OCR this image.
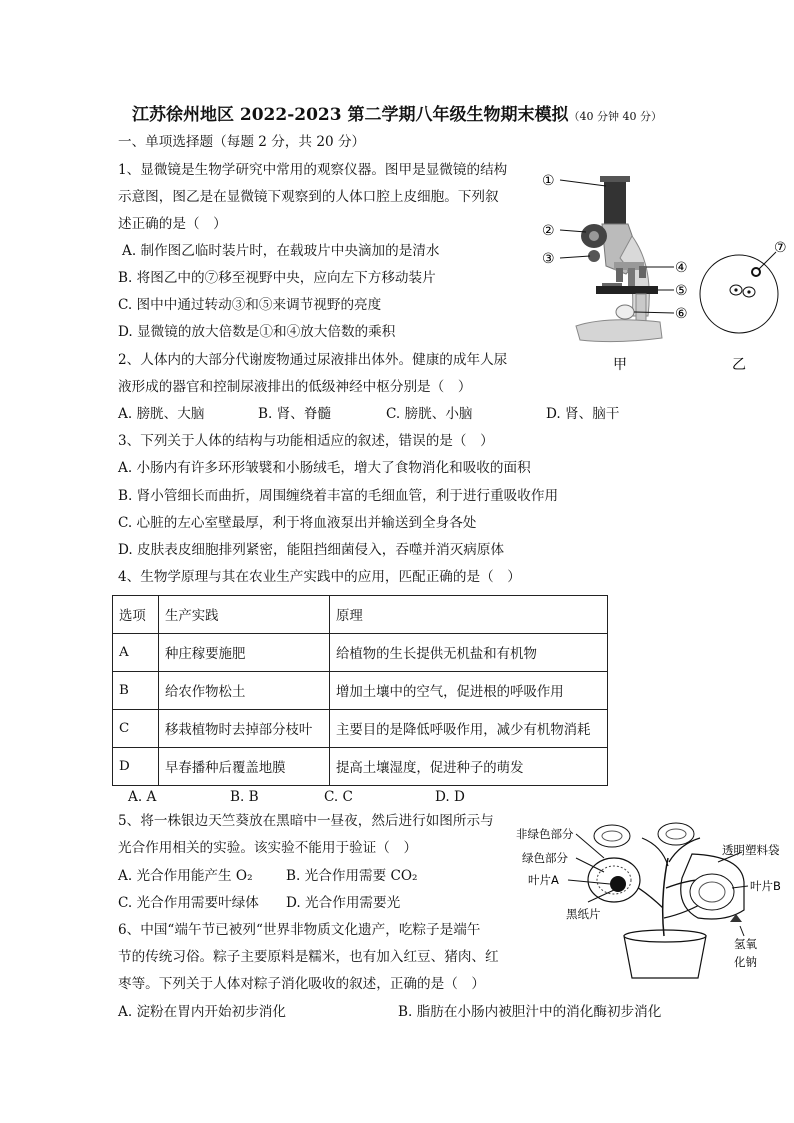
江苏徐州地区 2022-2023 第二学期八年级生物期末模拟（40 分钟 40 分）
一、单项选择题（每题 2 分，共 20 分）
1、显微镜是生物学研究中常用的观察仪器。图甲是显微镜的结构
示意图，图乙是在显微镜下观察到的人体口腔上皮细胞。下列叙
述正确的是（　）
A. 制作图乙临时装片时，在载玻片中央滴加的是清水
B. 将图乙中的⑦移至视野中央，应向左下方移动装片
C. 图中中通过转动③和⑤来调节视野的亮度
D. 显微镜的放大倍数是①和④放大倍数的乘积
①
②
③
④
⑤
⑥
甲
⑦
乙
2、人体内的大部分代谢废物通过尿液排出体外。健康的成年人尿
液形成的器官和控制尿液排出的低级神经中枢分别是（　）
A. 膀胱、大脑	B. 肾、脊髓	C. 膀胱、小脑	D. 肾、脑干
3、下列关于人体的结构与功能相适应的叙述，错误的是（　）
A. 小肠内有许多环形皱襞和小肠绒毛，增大了食物消化和吸收的面积
B. 肾小管细长而曲折，周围缠绕着丰富的毛细血管，利于进行重吸收作用
C. 心脏的左心室壁最厚，利于将血液泵出并输送到全身各处
D. 皮肤表皮细胞排列紧密，能阻挡细菌侵入，吞噬并消灭病原体
4、生物学原理与其在农业生产实践中的应用，匹配正确的是（　）
选项	生产实践	原理
A	种庄稼要施肥	给植物的生长提供无机盐和有机物
B	给农作物松土	增加土壤中的空气，促进根的呼吸作用
C	移栽植物时去掉部分枝叶	主要目的是降低呼吸作用，减少有机物消耗
D	早春播种后覆盖地膜	提高土壤湿度，促进种子的萌发
A. A	B. B	C. C	D. D
5、将一株银边天竺葵放在黑暗中一昼夜，然后进行如图所示与
光合作用相关的实验。该实验不能用于验证（　）
A. 光合作用能产生 O₂ B. 光合作用需要 CO₂
C. 光合作用需要叶绿体 D. 光合作用需要光
非绿色部分
绿色部分
叶片A
黑纸片
透明塑料袋
叶片B
氢氧
化钠
6、中国“端午节已被列“世界非物质文化遗产，吃粽子是端午
节的传统习俗。粽子主要原料是糯米，也有加入红豆、猪肉、红
枣等。下列关于人体对粽子消化吸收的叙述，正确的是（　）
A. 淀粉在胃内开始初步消化	B. 脂肪在小肠内被胆汁中的消化酶初步消化
